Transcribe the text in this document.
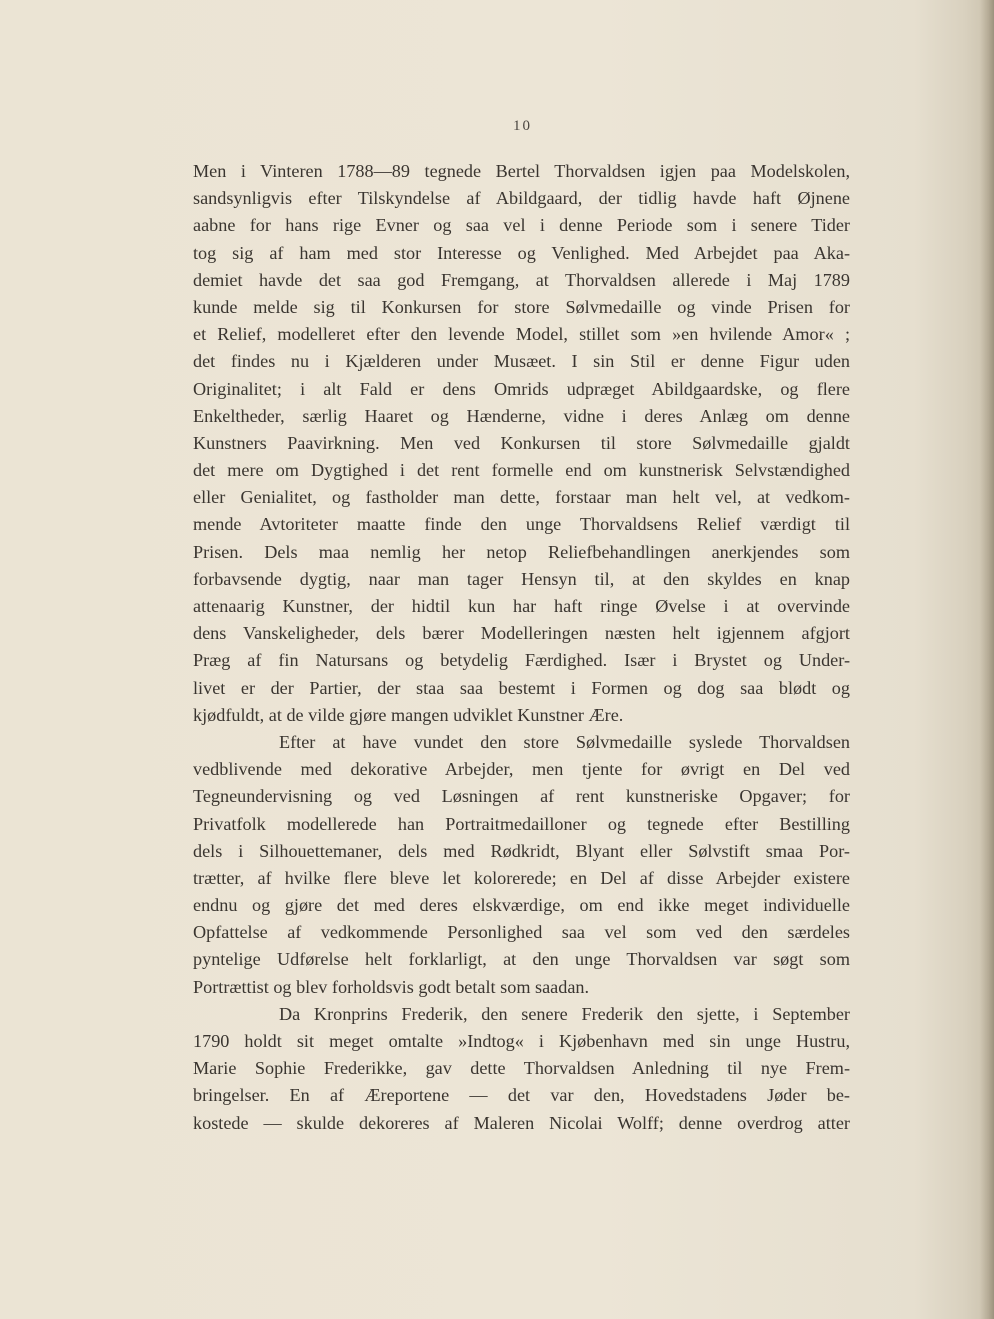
10
Men i Vinteren 1788—89 tegnede Bertel Thorvaldsen igjen paa Modelskolen,
sandsynligvis efter Tilskyndelse af Abildgaard, der tidlig havde haft Øjnene
aabne for hans rige Evner og saa vel i denne Periode som i senere Tider
tog sig af ham med stor Interesse og Venlighed. Med Arbejdet paa Aka-
demiet havde det saa god Fremgang, at Thorvaldsen allerede i Maj 1789
kunde melde sig til Konkursen for store Sølvmedaille og vinde Prisen for
et Relief, modelleret efter den levende Model, stillet som »en hvilende Amor« ;
det findes nu i Kjælderen under Musæet. I sin Stil er denne Figur uden
Originalitet; i alt Fald er dens Omrids udpræget Abildgaardske, og flere
Enkeltheder, særlig Haaret og Hænderne, vidne i deres Anlæg om denne
Kunstners Paavirkning. Men ved Konkursen til store Sølvmedaille gjaldt
det mere om Dygtighed i det rent formelle end om kunstnerisk Selvstændighed
eller Genialitet, og fastholder man dette, forstaar man helt vel, at vedkom-
mende Avtoriteter maatte finde den unge Thorvaldsens Relief værdigt til
Prisen. Dels maa nemlig her netop Reliefbehandlingen anerkjendes som
forbavsende dygtig, naar man tager Hensyn til, at den skyldes en knap
attenaarig Kunstner, der hidtil kun har haft ringe Øvelse i at overvinde
dens Vanskeligheder, dels bærer Modelleringen næsten helt igjennem afgjort
Præg af fin Natursans og betydelig Færdighed. Især i Brystet og Under-
livet er der Partier, der staa saa bestemt i Formen og dog saa blødt og
kjødfuldt, at de vilde gjøre mangen udviklet Kunstner Ære.
Efter at have vundet den store Sølvmedaille syslede Thorvaldsen
vedblivende med dekorative Arbejder, men tjente for øvrigt en Del ved
Tegneundervisning og ved Løsningen af rent kunstneriske Opgaver; for
Privatfolk modellerede han Portraitmedailloner og tegnede efter Bestilling
dels i Silhouettemaner, dels med Rødkridt, Blyant eller Sølvstift smaa Por-
trætter, af hvilke flere bleve let kolorerede; en Del af disse Arbejder existere
endnu og gjøre det med deres elskværdige, om end ikke meget individuelle
Opfattelse af vedkommende Personlighed saa vel som ved den særdeles
pyntelige Udførelse helt forklarligt, at den unge Thorvaldsen var søgt som
Portrættist og blev forholdsvis godt betalt som saadan.
Da Kronprins Frederik, den senere Frederik den sjette, i September
1790 holdt sit meget omtalte »Indtog« i Kjøbenhavn med sin unge Hustru,
Marie Sophie Frederikke, gav dette Thorvaldsen Anledning til nye Frem-
bringelser. En af Æreportene — det var den, Hovedstadens Jøder be-
kostede — skulde dekoreres af Maleren Nicolai Wolff; denne overdrog atter
